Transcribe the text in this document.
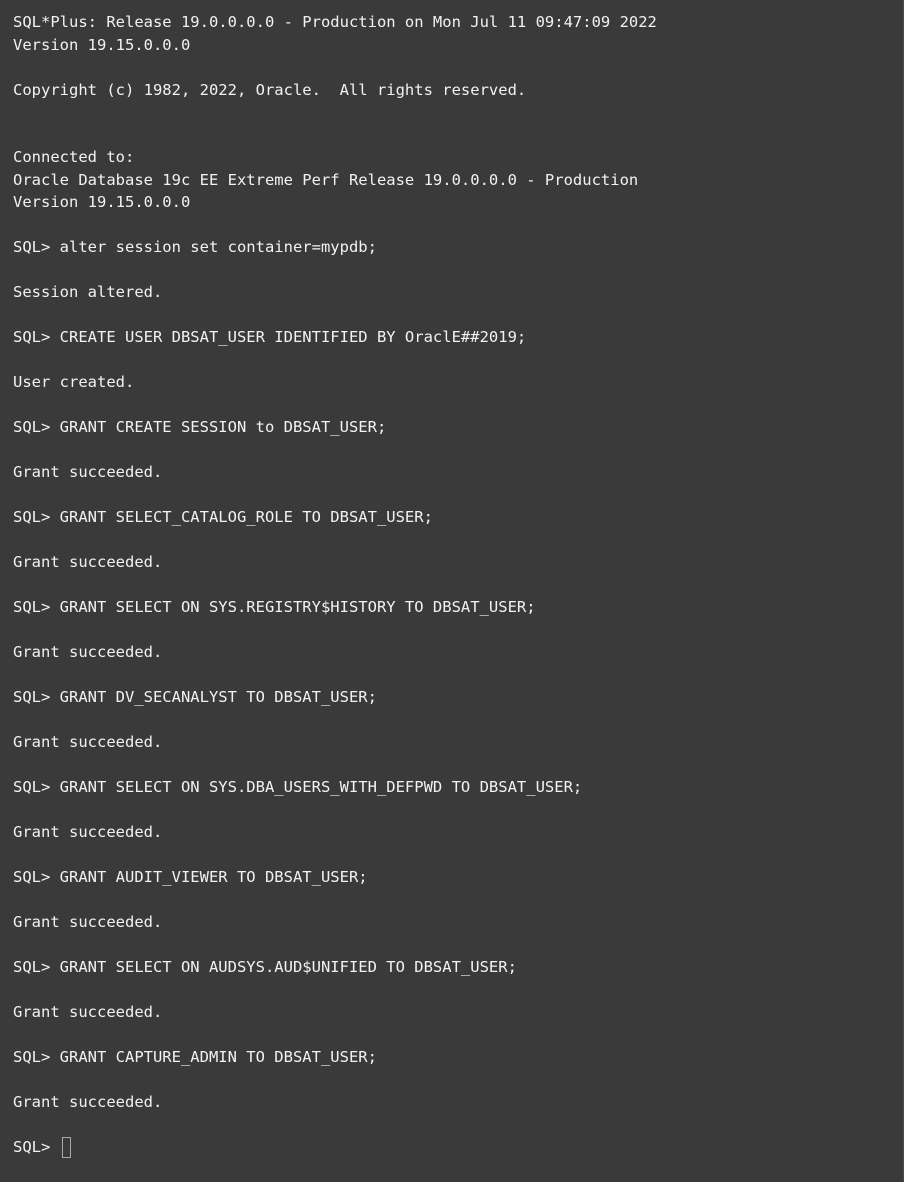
SQL*Plus: Release 19.0.0.0.0 - Production on Mon Jul 11 09:47:09 2022
Version 19.15.0.0.0
Copyright (c) 1982, 2022, Oracle.  All rights reserved.
Connected to:
Oracle Database 19c EE Extreme Perf Release 19.0.0.0.0 - Production
Version 19.15.0.0.0
SQL> alter session set container=mypdb;
Session altered.
SQL> CREATE USER DBSAT_USER IDENTIFIED BY OraclE##2019;
User created.
SQL> GRANT CREATE SESSION to DBSAT_USER;
Grant succeeded.
SQL> GRANT SELECT_CATALOG_ROLE TO DBSAT_USER;
Grant succeeded.
SQL> GRANT SELECT ON SYS.REGISTRY$HISTORY TO DBSAT_USER;
Grant succeeded.
SQL> GRANT DV_SECANALYST TO DBSAT_USER;
Grant succeeded.
SQL> GRANT SELECT ON SYS.DBA_USERS_WITH_DEFPWD TO DBSAT_USER;
Grant succeeded.
SQL> GRANT AUDIT_VIEWER TO DBSAT_USER;
Grant succeeded.
SQL> GRANT SELECT ON AUDSYS.AUD$UNIFIED TO DBSAT_USER;
Grant succeeded.
SQL> GRANT CAPTURE_ADMIN TO DBSAT_USER;
Grant succeeded.
SQL>
